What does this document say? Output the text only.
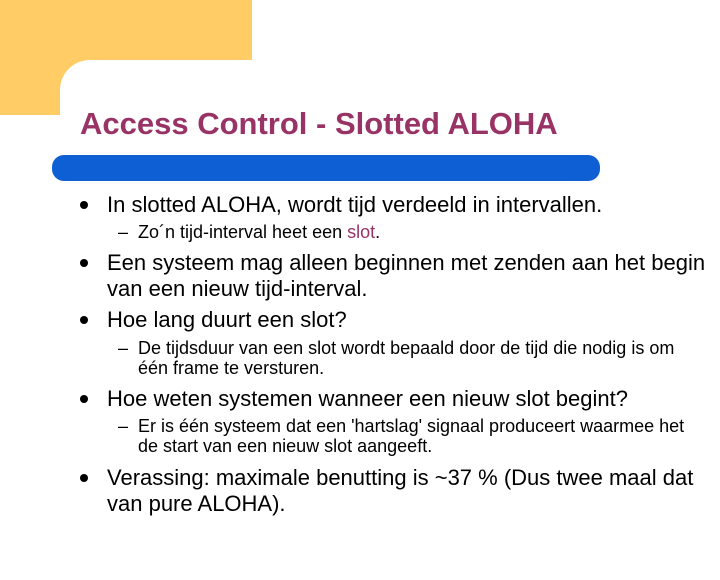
Access Control - Slotted ALOHA
In slotted ALOHA, wordt tijd verdeeld in intervallen.
– Zo´n tijd-interval heet een slot.
Een systeem mag alleen beginnen met zenden aan het begin van een nieuw tijd-interval.
Hoe lang duurt een slot?
– De tijdsduur van een slot wordt bepaald door de tijd die nodig is om één frame te versturen.
Hoe weten systemen wanneer een nieuw slot begint?
– Er is één systeem dat een 'hartslag' signaal produceert waarmee het de start van een nieuw slot aangeeft.
Verassing: maximale benutting is ~37 % (Dus twee maal dat van pure ALOHA).
